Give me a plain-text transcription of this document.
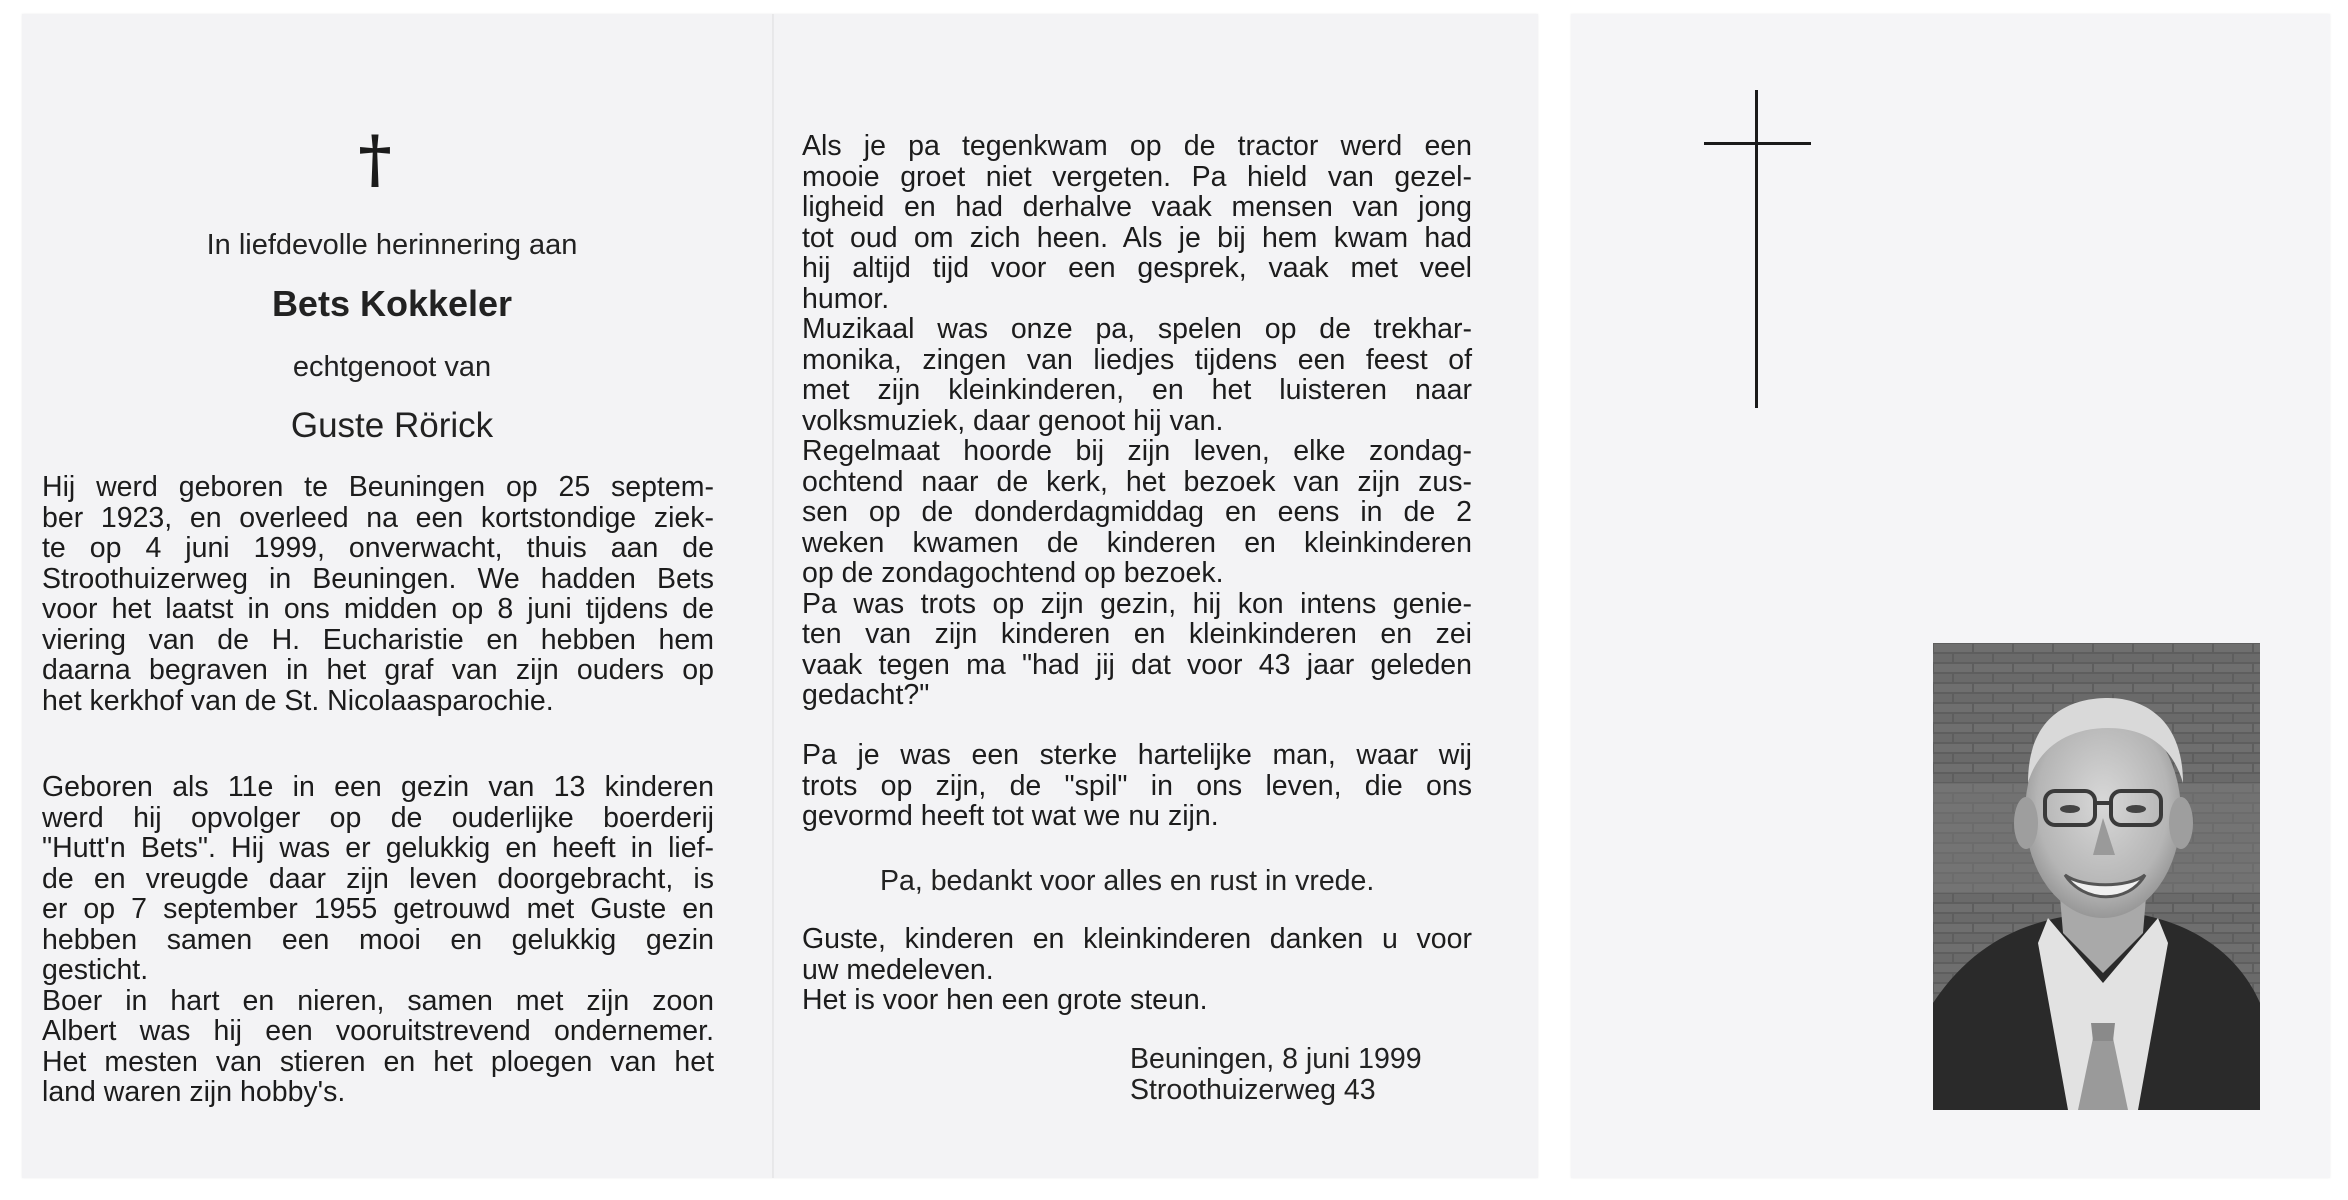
†
In liefdevolle herinnering aan
Bets Kokkeler
echtgenoot van
Guste Rörick
Hij werd geboren te Beuningen op 25 septem-
ber 1923, en overleed na een kortstondige ziek-
te op 4 juni 1999, onverwacht, thuis aan de
Stroothuizerweg in Beuningen. We hadden Bets
voor het laatst in ons midden op 8 juni tijdens de
viering van de H. Eucharistie en hebben hem
daarna begraven in het graf van zijn ouders op
het kerkhof van de St. Nicolaasparochie.
Geboren als 11e in een gezin van 13 kinderen
werd hij opvolger op de ouderlijke boerderij
"Hutt'n Bets". Hij was er gelukkig en heeft in lief-
de en vreugde daar zijn leven doorgebracht, is
er op 7 september 1955 getrouwd met Guste en
hebben samen een mooi en gelukkig gezin
gesticht.
Boer in hart en nieren, samen met zijn zoon
Albert was hij een vooruitstrevend ondernemer.
Het mesten van stieren en het ploegen van het
land waren zijn hobby's.
Als je pa tegenkwam op de tractor werd een
mooie groet niet vergeten. Pa hield van gezel-
ligheid en had derhalve vaak mensen van jong
tot oud om zich heen. Als je bij hem kwam had
hij altijd tijd voor een gesprek, vaak met veel
humor.
Muzikaal was onze pa, spelen op de trekhar-
monika, zingen van liedjes tijdens een feest of
met zijn kleinkinderen, en het luisteren naar
volksmuziek, daar genoot hij van.
Regelmaat hoorde bij zijn leven, elke zondag-
ochtend naar de kerk, het bezoek van zijn zus-
sen op de donderdagmiddag en eens in de 2
weken kwamen de kinderen en kleinkinderen
op de zondagochtend op bezoek.
Pa was trots op zijn gezin, hij kon intens genie-
ten van zijn kinderen en kleinkinderen en zei
vaak tegen ma "had jij dat voor 43 jaar geleden
gedacht?"
Pa je was een sterke hartelijke man, waar wij
trots op zijn, de "spil" in ons leven, die ons
gevormd heeft tot wat we nu zijn.
Pa, bedankt voor alles en rust in vrede.
Guste, kinderen en kleinkinderen danken u voor
uw medeleven.
Het is voor hen een grote steun.
Beuningen, 8 juni 1999
Stroothuizerweg 43
